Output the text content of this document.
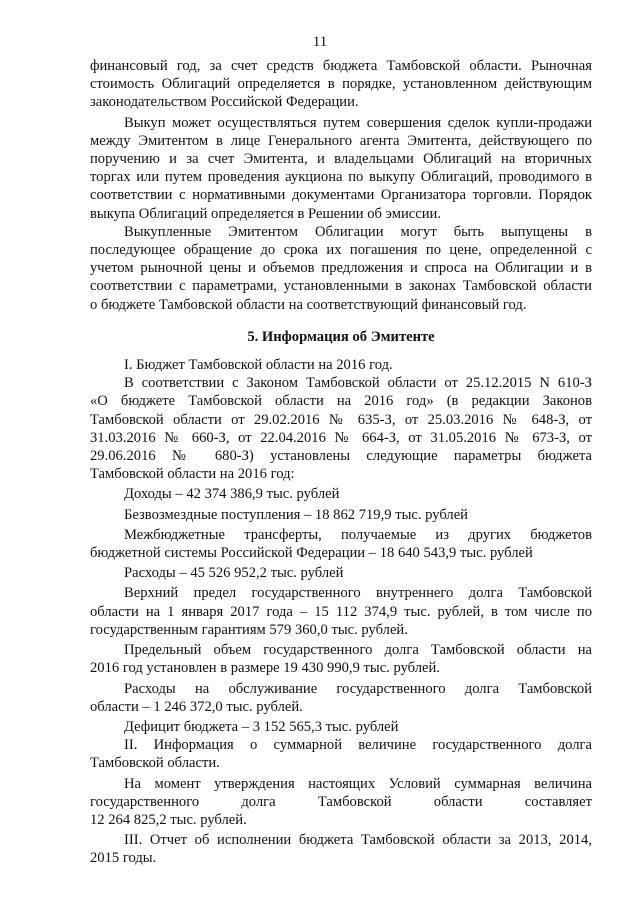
11

финансовый год, за счет средств бюджета Тамбовской области. Рыночная
стоимость Облигаций определяется в порядке, установленном действующим
законодательством Российской Федерации.

Выкуп может осуществляться путем совершения сделок купли-продажи
между Эмитентом в лице Генерального агента Эмитента, действующего по
поручению и за счет Эмитента, и владельцами Облигаций на вторичных
торгах или путем проведения аукциона по выкупу Облигаций, проводимого в
соответствии с нормативными документами Организатора торговли. Порядок
выкупа Облигаций определяется в Решении об эмиссии.

Выкупленные Эмитентом Облигации могут быть выпущены в
последующее обращение до срока их погашения по цене, определенной с
учетом рыночной цены и объемов предложения и спроса на Облигации и в
соответствии с параметрами, установленными в законах Тамбовской области
о бюджете Тамбовской области на соответствующий финансовый год.

5. Информация об Эмитенте

I. Бюджет Тамбовской области на 2016 год.

В соответствии с Законом Тамбовской области от 25.12.2015 N 610-З
«О бюджете Тамбовской области на 2016 год» (в редакции Законов
Тамбовской области от 29.02.2016 № 635-З, от 25.03.2016 № 648-З, от
31.03.2016 № 660-З, от 22.04.2016 № 664-З, от 31.05.2016 № 673-З, от
29.06.2016 № 680-З) установлены следующие параметры бюджета
Тамбовской области на 2016 год:

Доходы – 42 374 386,9 тыс. рублей

Безвозмездные поступления – 18 862 719,9 тыс. рублей

Межбюджетные трансферты, получаемые из других бюджетов
бюджетной системы Российской Федерации – 18 640 543,9 тыс. рублей

Расходы – 45 526 952,2 тыс. рублей

Верхний предел государственного внутреннего долга Тамбовской
области на 1 января 2017 года – 15 112 374,9 тыс. рублей, в том числе по
государственным гарантиям 579 360,0 тыс. рублей.

Предельный объем государственного долга Тамбовской области на
2016 год установлен в размере 19 430 990,9 тыс. рублей.

Расходы на обслуживание государственного долга Тамбовской
области – 1 246 372,0 тыс. рублей.

Дефицит бюджета – 3 152 565,3 тыс. рублей

II. Информация о суммарной величине государственного долга
Тамбовской области.

На момент утверждения настоящих Условий суммарная величина
государственного долга Тамбовской области составляет
12 264 825,2 тыс. рублей.

III. Отчет об исполнении бюджета Тамбовской области за 2013, 2014,
2015 годы.
